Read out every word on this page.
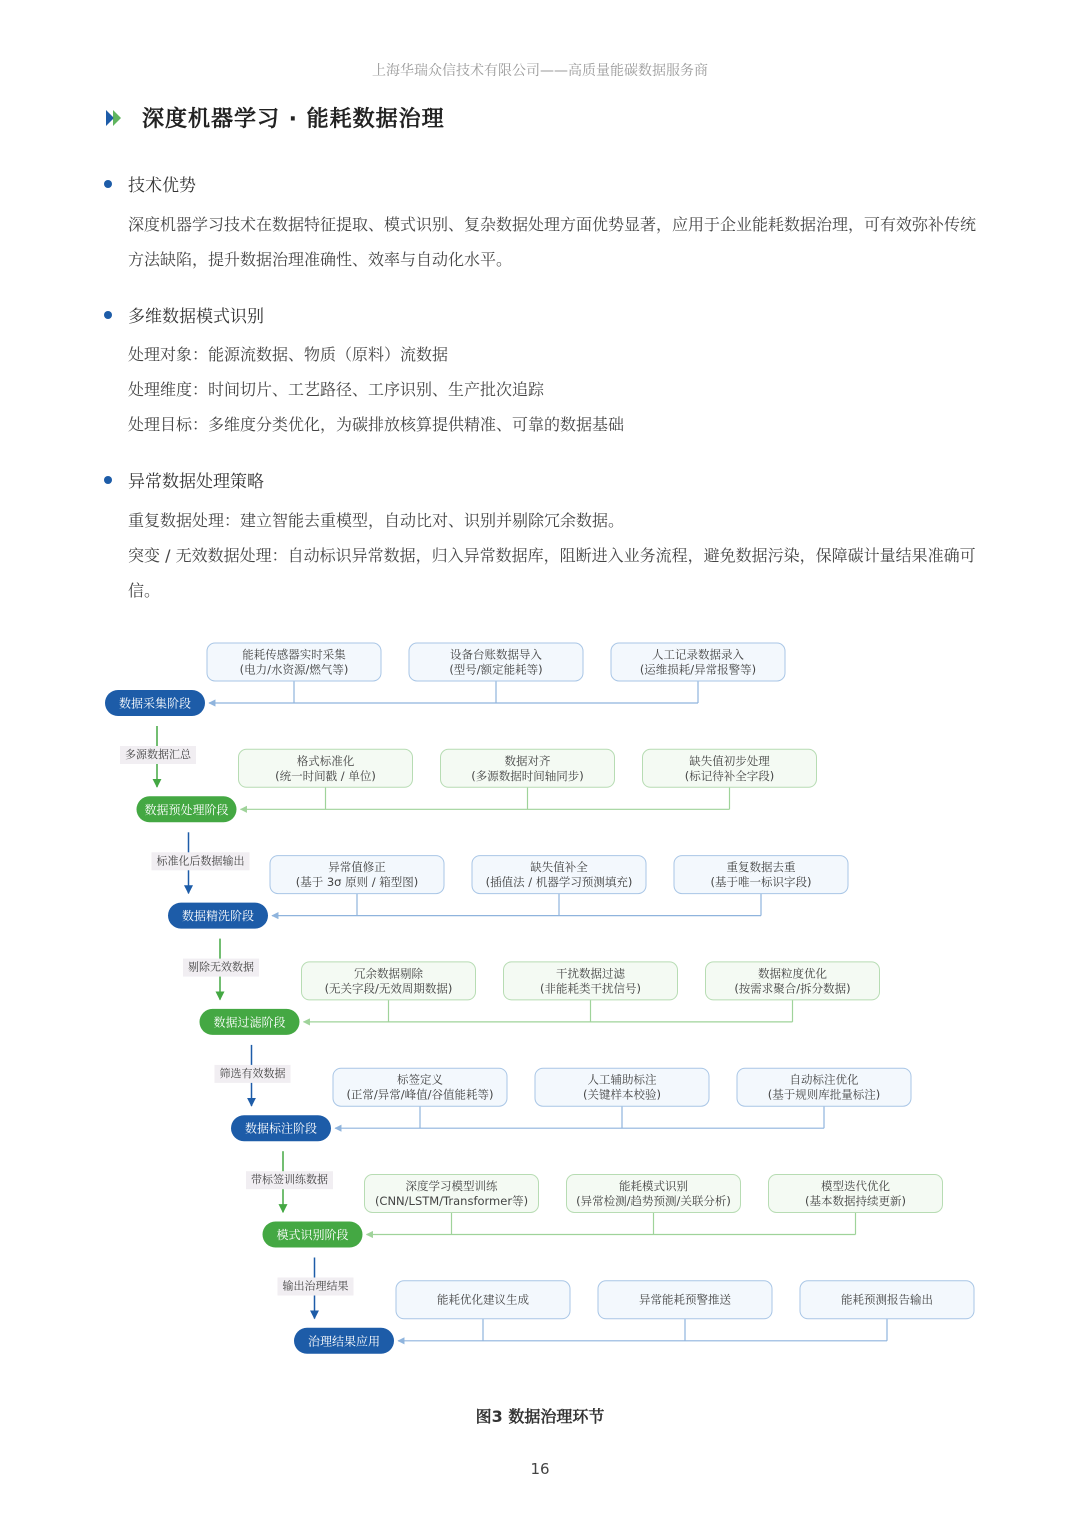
上海华瑞众信技术有限公司——高质量能碳数据服务商
深度机器学习 · 能耗数据治理
技术优势

深度机器学习技术在数据特征提取、模式识别、复杂数据处理方面优势显著，应用于企业能耗数据治理，可有效弥补传统方法缺陷，提升数据治理准确性、效率与自动化水平。

多维数据模式识别

处理对象：能源流数据、物质（原料）流数据

处理维度：时间切片、工艺路径、工序识别、生产批次追踪

处理目标：多维度分类优化，为碳排放核算提供精准、可靠的数据基础

异常数据处理策略

重复数据处理：建立智能去重模型，自动比对、识别并剔除冗余数据。

突变 / 无效数据处理：自动标识异常数据，归入异常数据库，阻断进入业务流程，避免数据污染，保障碳计量结果准确可信。

能耗传感器实时采集
(电力/水资源/燃气等)
设备台账数据导入
(型号/额定能耗等)
人工记录数据录入
(运维损耗/异常报警等)
数据采集阶段
多源数据汇总	格式标准化
(统一时间戳 / 单位)
数据对齐
(多源数据时间轴同步)
缺失值初步处理
(标记待补全字段)
数据预处理阶段
标准化后数据输出	异常值修正
(基于 3σ 原则 / 箱型图)
缺失值补全
(插值法 / 机器学习预测填充)
重复数据去重
(基于唯一标识字段)
数据精洗阶段
剔除无效数据	冗余数据剔除
(无关字段/无效周期数据)
干扰数据过滤
(非能耗类干扰信号)
数据粒度优化
(按需求聚合/拆分数据)
数据过滤阶段
筛选有效数据	标签定义
(正常/异常/峰值/谷值能耗等)
人工辅助标注
(关键样本校验)
自动标注优化
(基于规则库批量标注)
数据标注阶段
带标签训练数据	深度学习模型训练
(CNN/LSTM/Transformer等)
能耗模式识别
(异常检测/趋势预测/关联分析)
模型迭代优化
(基本数据持续更新)
模式识别阶段
输出治理结果
能耗优化建议生成	异常能耗预警推送	能耗预测报告输出
治理结果应用
图3 数据治理环节
16
